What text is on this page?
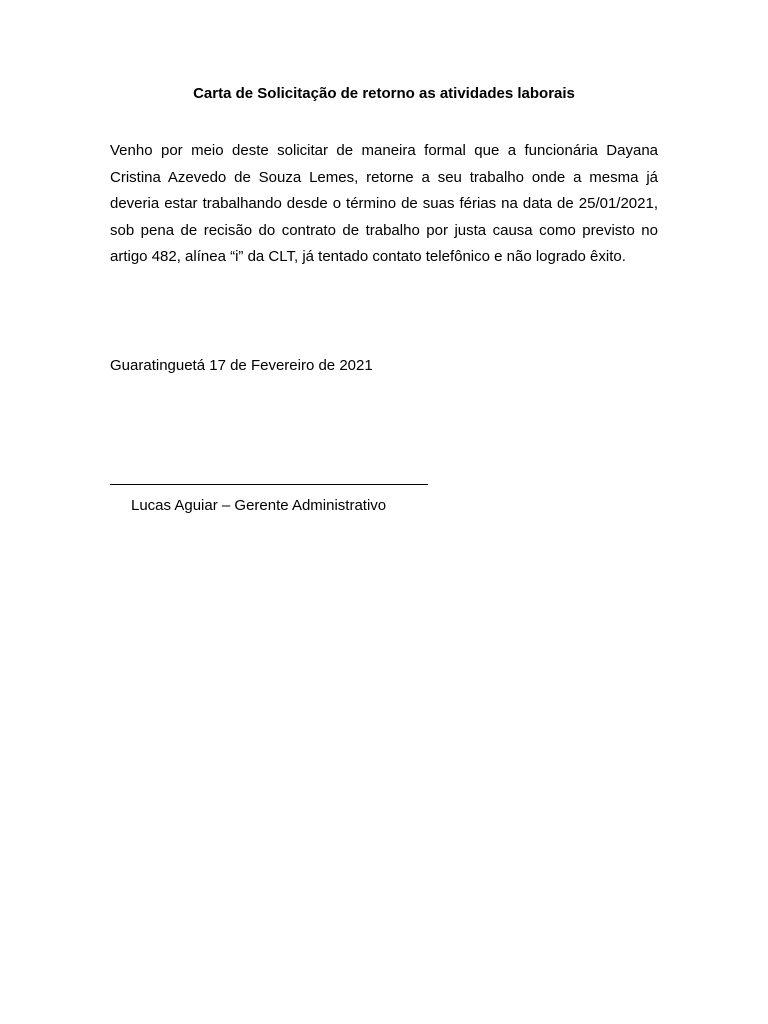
Carta de Solicitação de retorno as atividades laborais
Venho por meio deste solicitar de maneira formal que a funcionária Dayana Cristina Azevedo de Souza Lemes, retorne a seu trabalho onde a mesma já deveria estar trabalhando desde o término de suas férias na data de 25/01/2021, sob pena de recisão do contrato de trabalho por justa causa como previsto no artigo 482, alínea “i” da CLT, já tentado contato telefônico e não logrado êxito.
Guaratinguetá 17 de Fevereiro de 2021
Lucas Aguiar – Gerente Administrativo
